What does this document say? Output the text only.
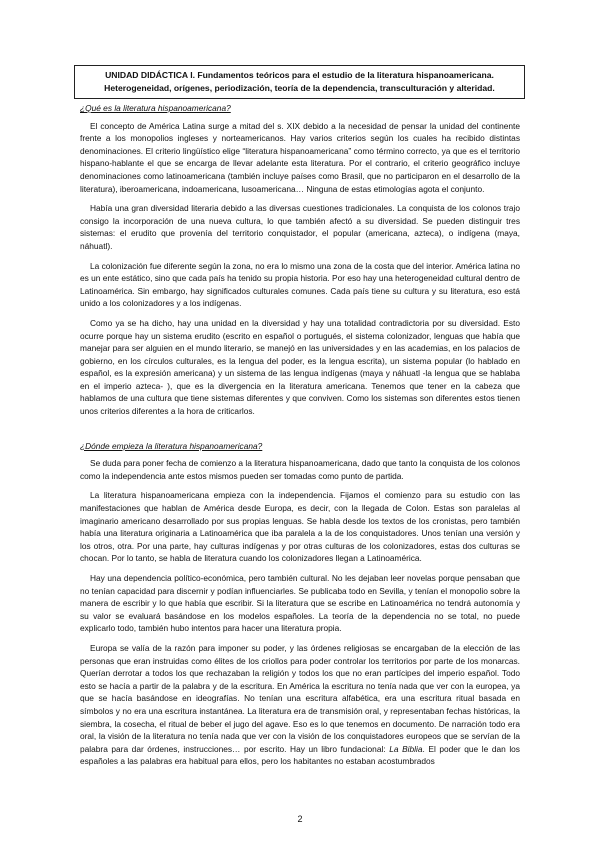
UNIDAD DIDÁCTICA I. Fundamentos teóricos para el estudio de la literatura hispanoamericana.
Heterogeneidad, orígenes, periodización, teoría de la dependencia, transculturación y alteridad.
¿Qué es la literatura hispanoamericana?
El concepto de América Latina surge a mitad del s. XIX debido a la necesidad de pensar la unidad del continente frente a los monopolios ingleses y norteamericanos. Hay varios criterios según los cuales ha recibido distintas denominaciones. El criterio lingüístico elige “literatura hispanoamericana” como término correcto, ya que es el territorio hispano-hablante el que se encarga de llevar adelante esta literatura. Por el contrario, el criterio geográfico incluye denominaciones como latinoamericana (también incluye países como Brasil, que no participaron en el desarrollo de la literatura), iberoamericana, indoamericana, lusoamericana… Ninguna de estas etimologías agota el conjunto.
Había una gran diversidad literaria debido a las diversas cuestiones tradicionales. La conquista de los colonos trajo consigo la incorporación de una nueva cultura, lo que también afectó a su diversidad. Se pueden distinguir tres sistemas: el erudito que provenía del territorio conquistador, el popular (americana, azteca), o indígena (maya, náhuatl).
La colonización fue diferente según la zona, no era lo mismo una zona de la costa que del interior. América latina no es un ente estático, sino que cada país ha tenido su propia historia. Por eso hay una heterogeneidad cultural dentro de Latinoamérica. Sin embargo, hay significados culturales comunes. Cada país tiene su cultura y su literatura, eso está unido a los colonizadores y a los indígenas.
Como ya se ha dicho, hay una unidad en la diversidad y hay una totalidad contradictoria por su diversidad. Esto ocurre porque hay un sistema erudito (escrito en español o portugués, el sistema colonizador, lenguas que había que manejar para ser alguien en el mundo literario, se manejó en las universidades y en las academias, en los palacios de gobierno, en los círculos culturales, es la lengua del poder, es la lengua escrita), un sistema popular (lo hablado en español, es la expresión americana) y un sistema de las lengua indígenas (maya y náhuatl -la lengua que se hablaba en el imperio azteca- ), que es la divergencia en la literatura americana. Tenemos que tener en la cabeza que hablamos de una cultura que tiene sistemas diferentes y que conviven. Como los sistemas son diferentes estos tienen unos criterios diferentes a la hora de criticarlos.
¿Dónde empieza la literatura hispanoamericana?
Se duda para poner fecha de comienzo a la literatura hispanoamericana, dado que tanto la conquista de los colonos como la independencia ante estos mismos pueden ser tomadas como punto de partida.
La literatura hispanoamericana empieza con la independencia. Fijamos el comienzo para su estudio con las manifestaciones que hablan de América desde Europa, es decir, con la llegada de Colon. Estas son paralelas al imaginario americano desarrollado por sus propias lenguas. Se habla desde los textos de los cronistas, pero también había una literatura originaria a Latinoamérica que iba paralela a la de los conquistadores. Unos tenían una versión y los otros, otra. Por una parte, hay culturas indígenas y por otras culturas de los colonizadores, estas dos culturas se chocan. Por lo tanto, se habla de literatura cuando los colonizadores llegan a Latinoamérica.
Hay una dependencia político-económica, pero también cultural. No les dejaban leer novelas porque pensaban que no tenían capacidad para discernir y podían influenciarles. Se publicaba todo en Sevilla, y tenían el monopolio sobre la manera de escribir y lo que había que escribir. Si la literatura que se escribe en Latinoamérica no tendrá autonomía y su valor se evaluará basándose en los modelos españoles. La teoría de la dependencia no se total, no puede explicarlo todo, también hubo intentos para hacer una literatura propia.
Europa se valía de la razón para imponer su poder, y las órdenes religiosas se encargaban de la elección de las personas que eran instruidas como élites de los criollos para poder controlar los territorios por parte de los monarcas. Querían derrotar a todos los que rechazaban la religión y todos los que no eran partícipes del imperio español. Todo esto se hacía a partir de la palabra y de la escritura. En América la escritura no tenía nada que ver con la europea, ya que se hacía basándose en ideografías. No tenían una escritura alfabética, era una escritura ritual basada en símbolos y no era una escritura instantánea. La literatura era de transmisión oral, y representaban fechas históricas, la siembra, la cosecha, el ritual de beber el jugo del agave. Eso es lo que tenemos en documento. De narración todo era oral, la visión de la literatura no tenía nada que ver con la visión de los conquistadores europeos que se servían de la palabra para dar órdenes, instrucciones… por escrito. Hay un libro fundacional: La Biblia. El poder que le dan los españoles a las palabras era habitual para ellos, pero los habitantes no estaban acostumbrados
2
